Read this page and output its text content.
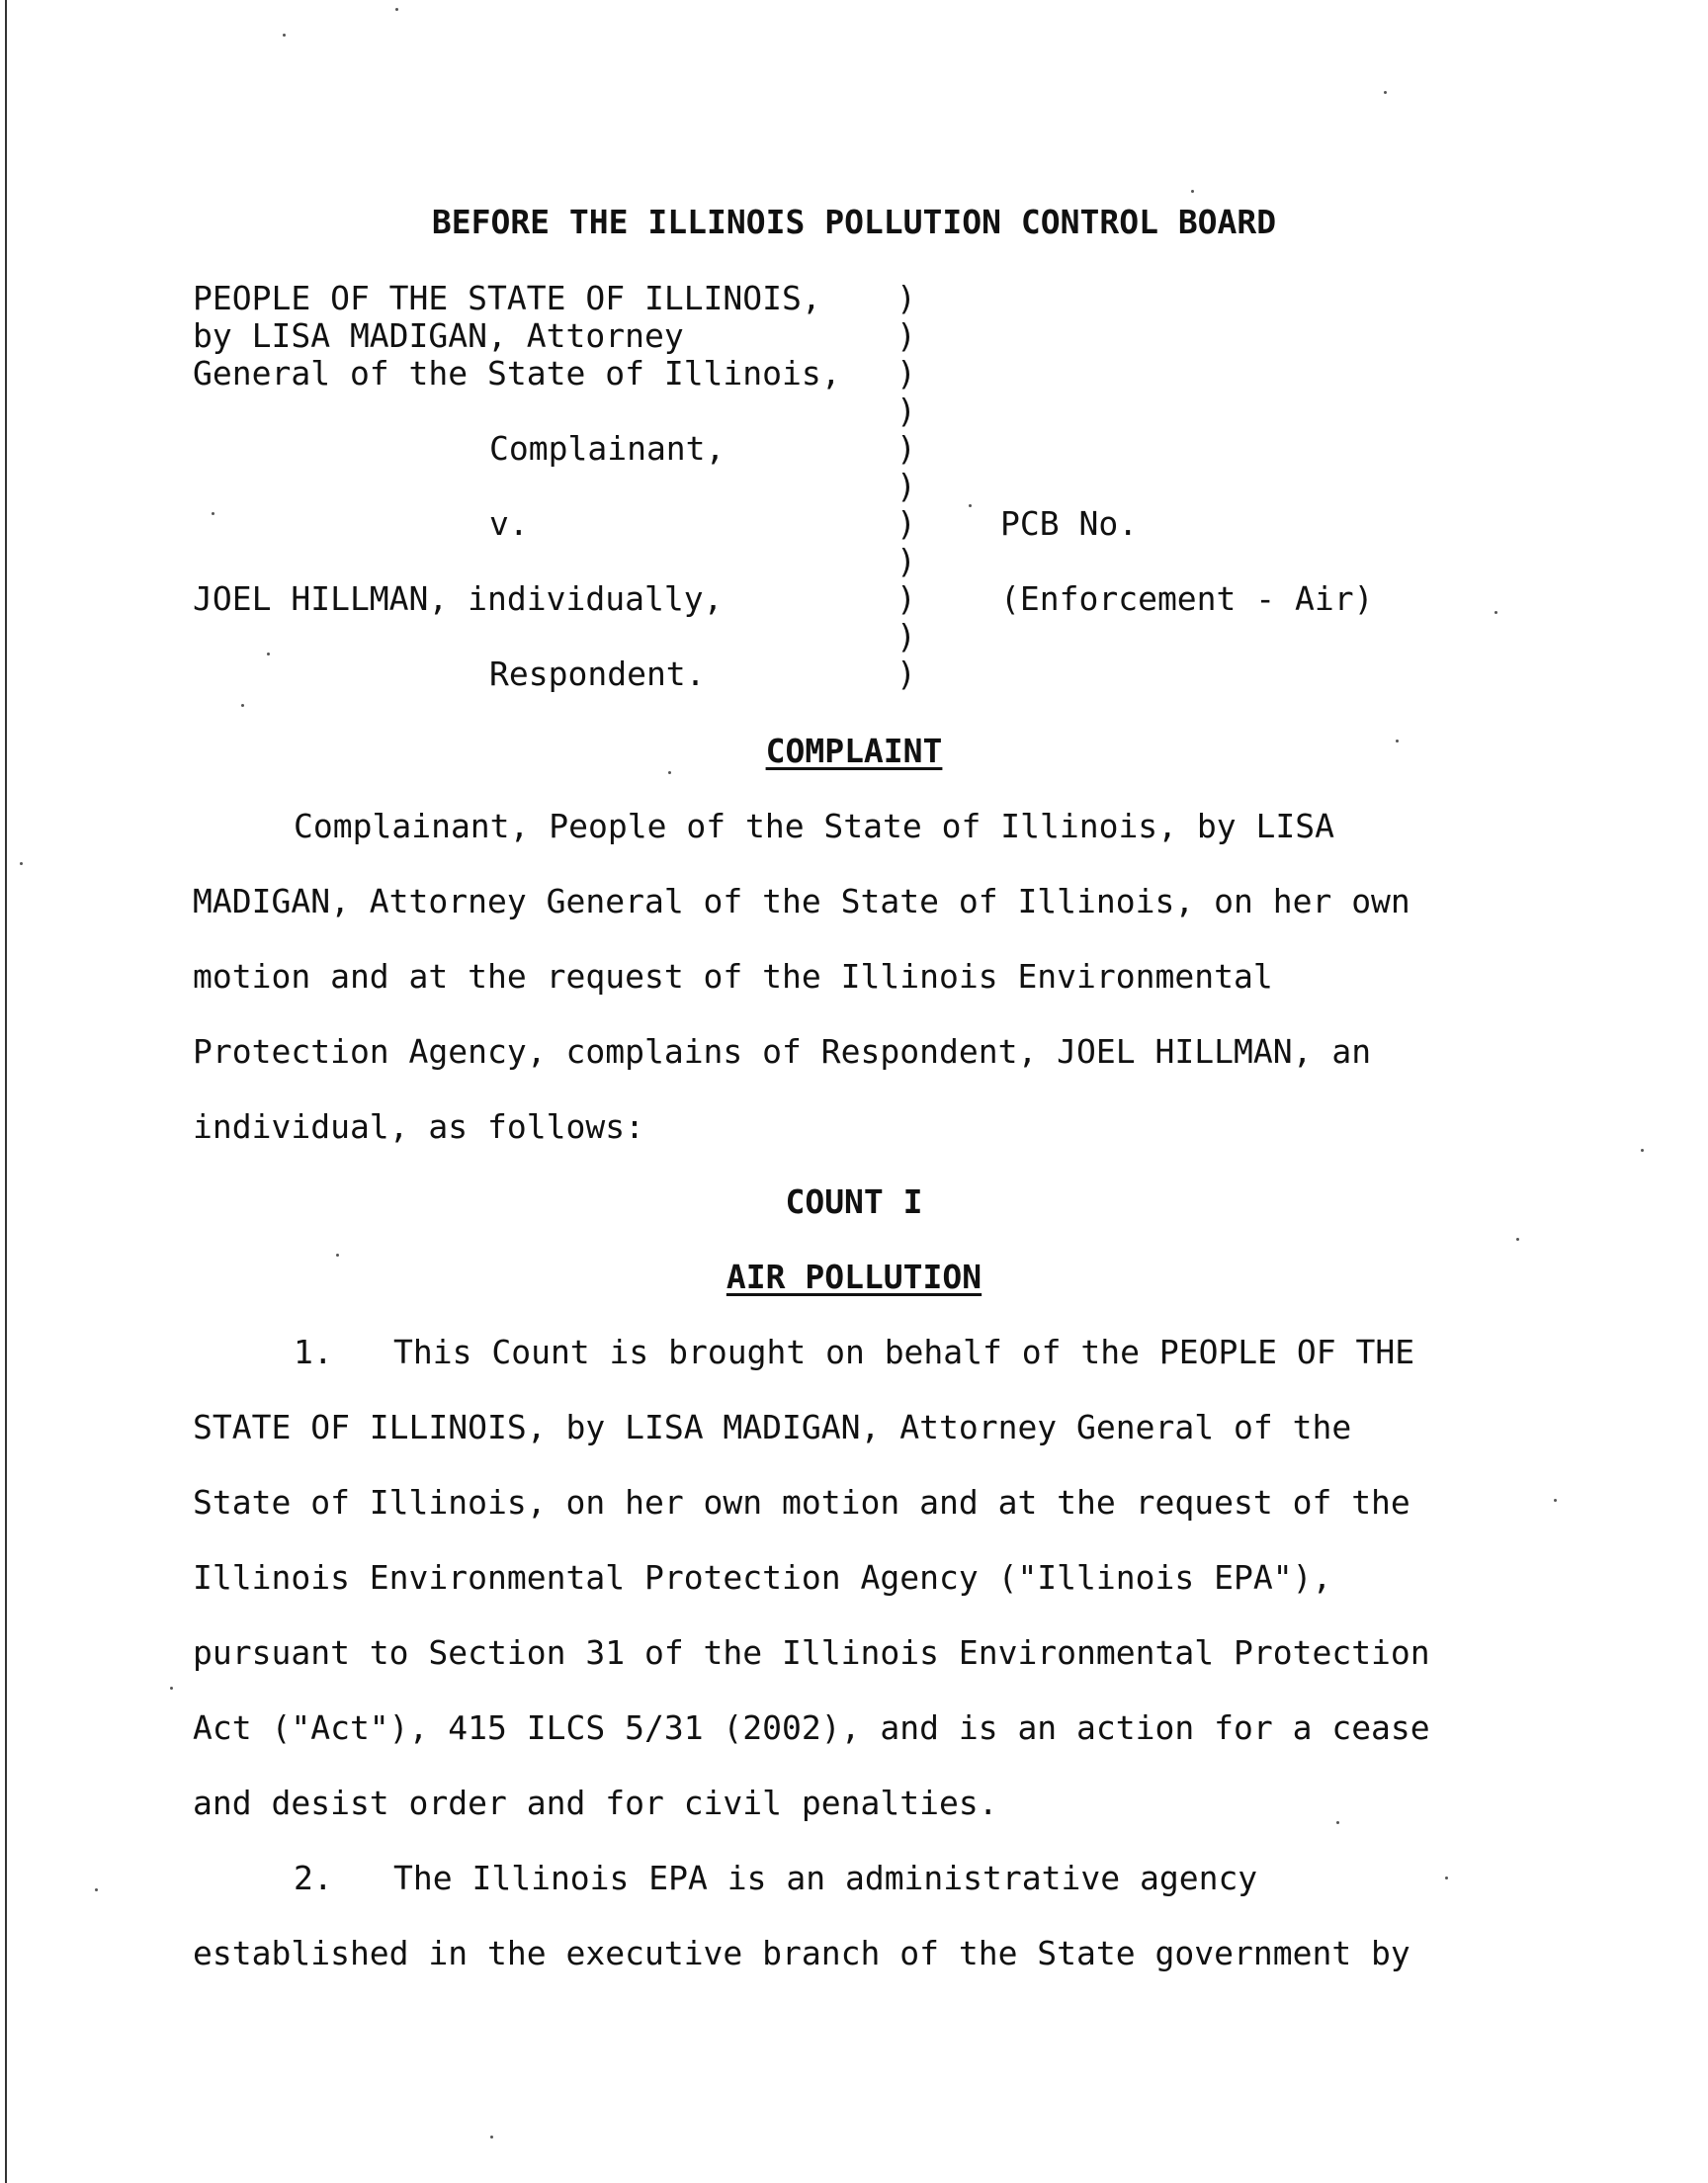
BEFORE THE ILLINOIS POLLUTION CONTROL BOARD
PEOPLE OF THE STATE OF ILLINOIS,
by LISA MADIGAN, Attorney
General of the State of Illinois,
Complainant,
v.
JOEL HILLMAN, individually,
Respondent.
)
)
)
)
)
)
)
)
)
)
)
PCB No.
(Enforcement - Air)
COMPLAINT
Complainant, People of the State of Illinois, by LISA
MADIGAN, Attorney General of the State of Illinois, on her own
motion and at the request of the Illinois Environmental
Protection Agency, complains of Respondent, JOEL HILLMAN, an
individual, as follows:
COUNT I
AIR POLLUTION
1. This Count is brought on behalf of the PEOPLE OF THE
STATE OF ILLINOIS, by LISA MADIGAN, Attorney General of the
State of Illinois, on her own motion and at the request of the
Illinois Environmental Protection Agency ("Illinois EPA"),
pursuant to Section 31 of the Illinois Environmental Protection
Act ("Act"), 415 ILCS 5/31 (2002), and is an action for a cease
and desist order and for civil penalties.
2. The Illinois EPA is an administrative agency
established in the executive branch of the State government by
